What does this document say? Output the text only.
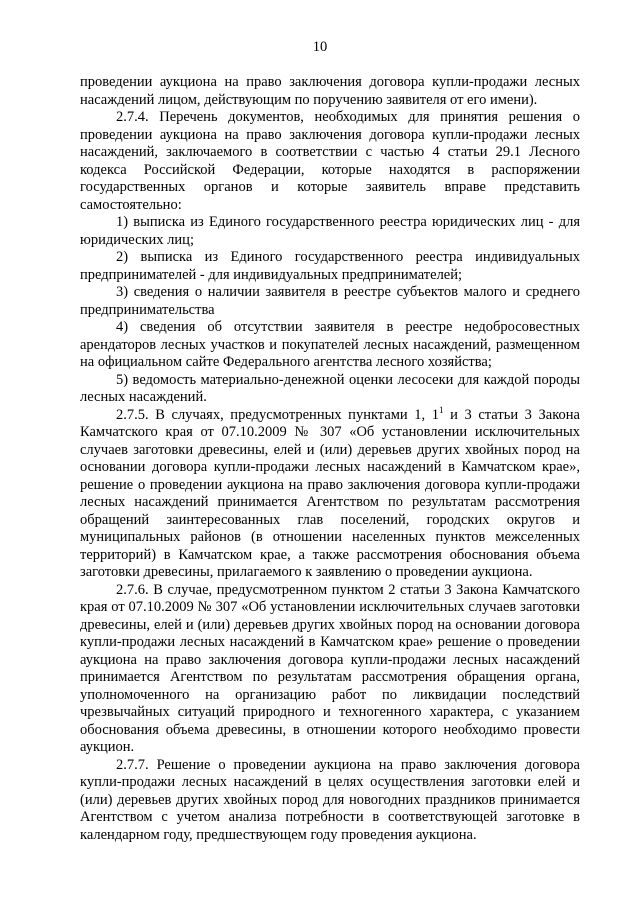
10

проведении аукциона на право заключения договора купли-продажи лесных насаждений лицом, действующим по поручению заявителя от его имени).

2.7.4. Перечень документов, необходимых для принятия решения о проведении аукциона на право заключения договора купли-продажи лесных насаждений, заключаемого в соответствии с частью 4 статьи 29.1 Лесного кодекса Российской Федерации, которые находятся в распоряжении государственных органов и которые заявитель вправе представить самостоятельно:

1) выписка из Единого государственного реестра юридических лиц - для юридических лиц;

2) выписка из Единого государственного реестра индивидуальных предпринимателей - для индивидуальных предпринимателей;

3) сведения о наличии заявителя в реестре субъектов малого и среднего предпринимательства

4) сведения об отсутствии заявителя в реестре недобросовестных арендаторов лесных участков и покупателей лесных насаждений, размещенном на официальном сайте Федерального агентства лесного хозяйства;

5) ведомость материально-денежной оценки лесосеки для каждой породы лесных насаждений.

2.7.5. В случаях, предусмотренных пунктами 1, $1^1$ и 3 статьи 3 Закона Камчатского края от 07.10.2009 № 307 «Об установлении исключительных случаев заготовки древесины, елей и (или) деревьев других хвойных пород на основании договора купли-продажи лесных насаждений в Камчатском крае», решение о проведении аукциона на право заключения договора купли-продажи лесных насаждений принимается Агентством по результатам рассмотрения обращений заинтересованных глав поселений, городских округов и муниципальных районов (в отношении населенных пунктов межселенных территорий) в Камчатском крае, а также рассмотрения обоснования объема заготовки древесины, прилагаемого к заявлению о проведении аукциона.

2.7.6. В случае, предусмотренном пунктом 2 статьи 3 Закона Камчатского края от 07.10.2009 № 307 «Об установлении исключительных случаев заготовки древесины, елей и (или) деревьев других хвойных пород на основании договора купли-продажи лесных насаждений в Камчатском крае» решение о проведении аукциона на право заключения договора купли-продажи лесных насаждений принимается Агентством по результатам рассмотрения обращения органа, уполномоченного на организацию работ по ликвидации последствий чрезвычайных ситуаций природного и техногенного характера, с указанием обоснования объема древесины, в отношении которого необходимо провести аукцион.

2.7.7. Решение о проведении аукциона на право заключения договора купли-продажи лесных насаждений в целях осуществления заготовки елей и (или) деревьев других хвойных пород для новогодних праздников принимается Агентством с учетом анализа потребности в соответствующей заготовке в календарном году, предшествующем году проведения аукциона.
